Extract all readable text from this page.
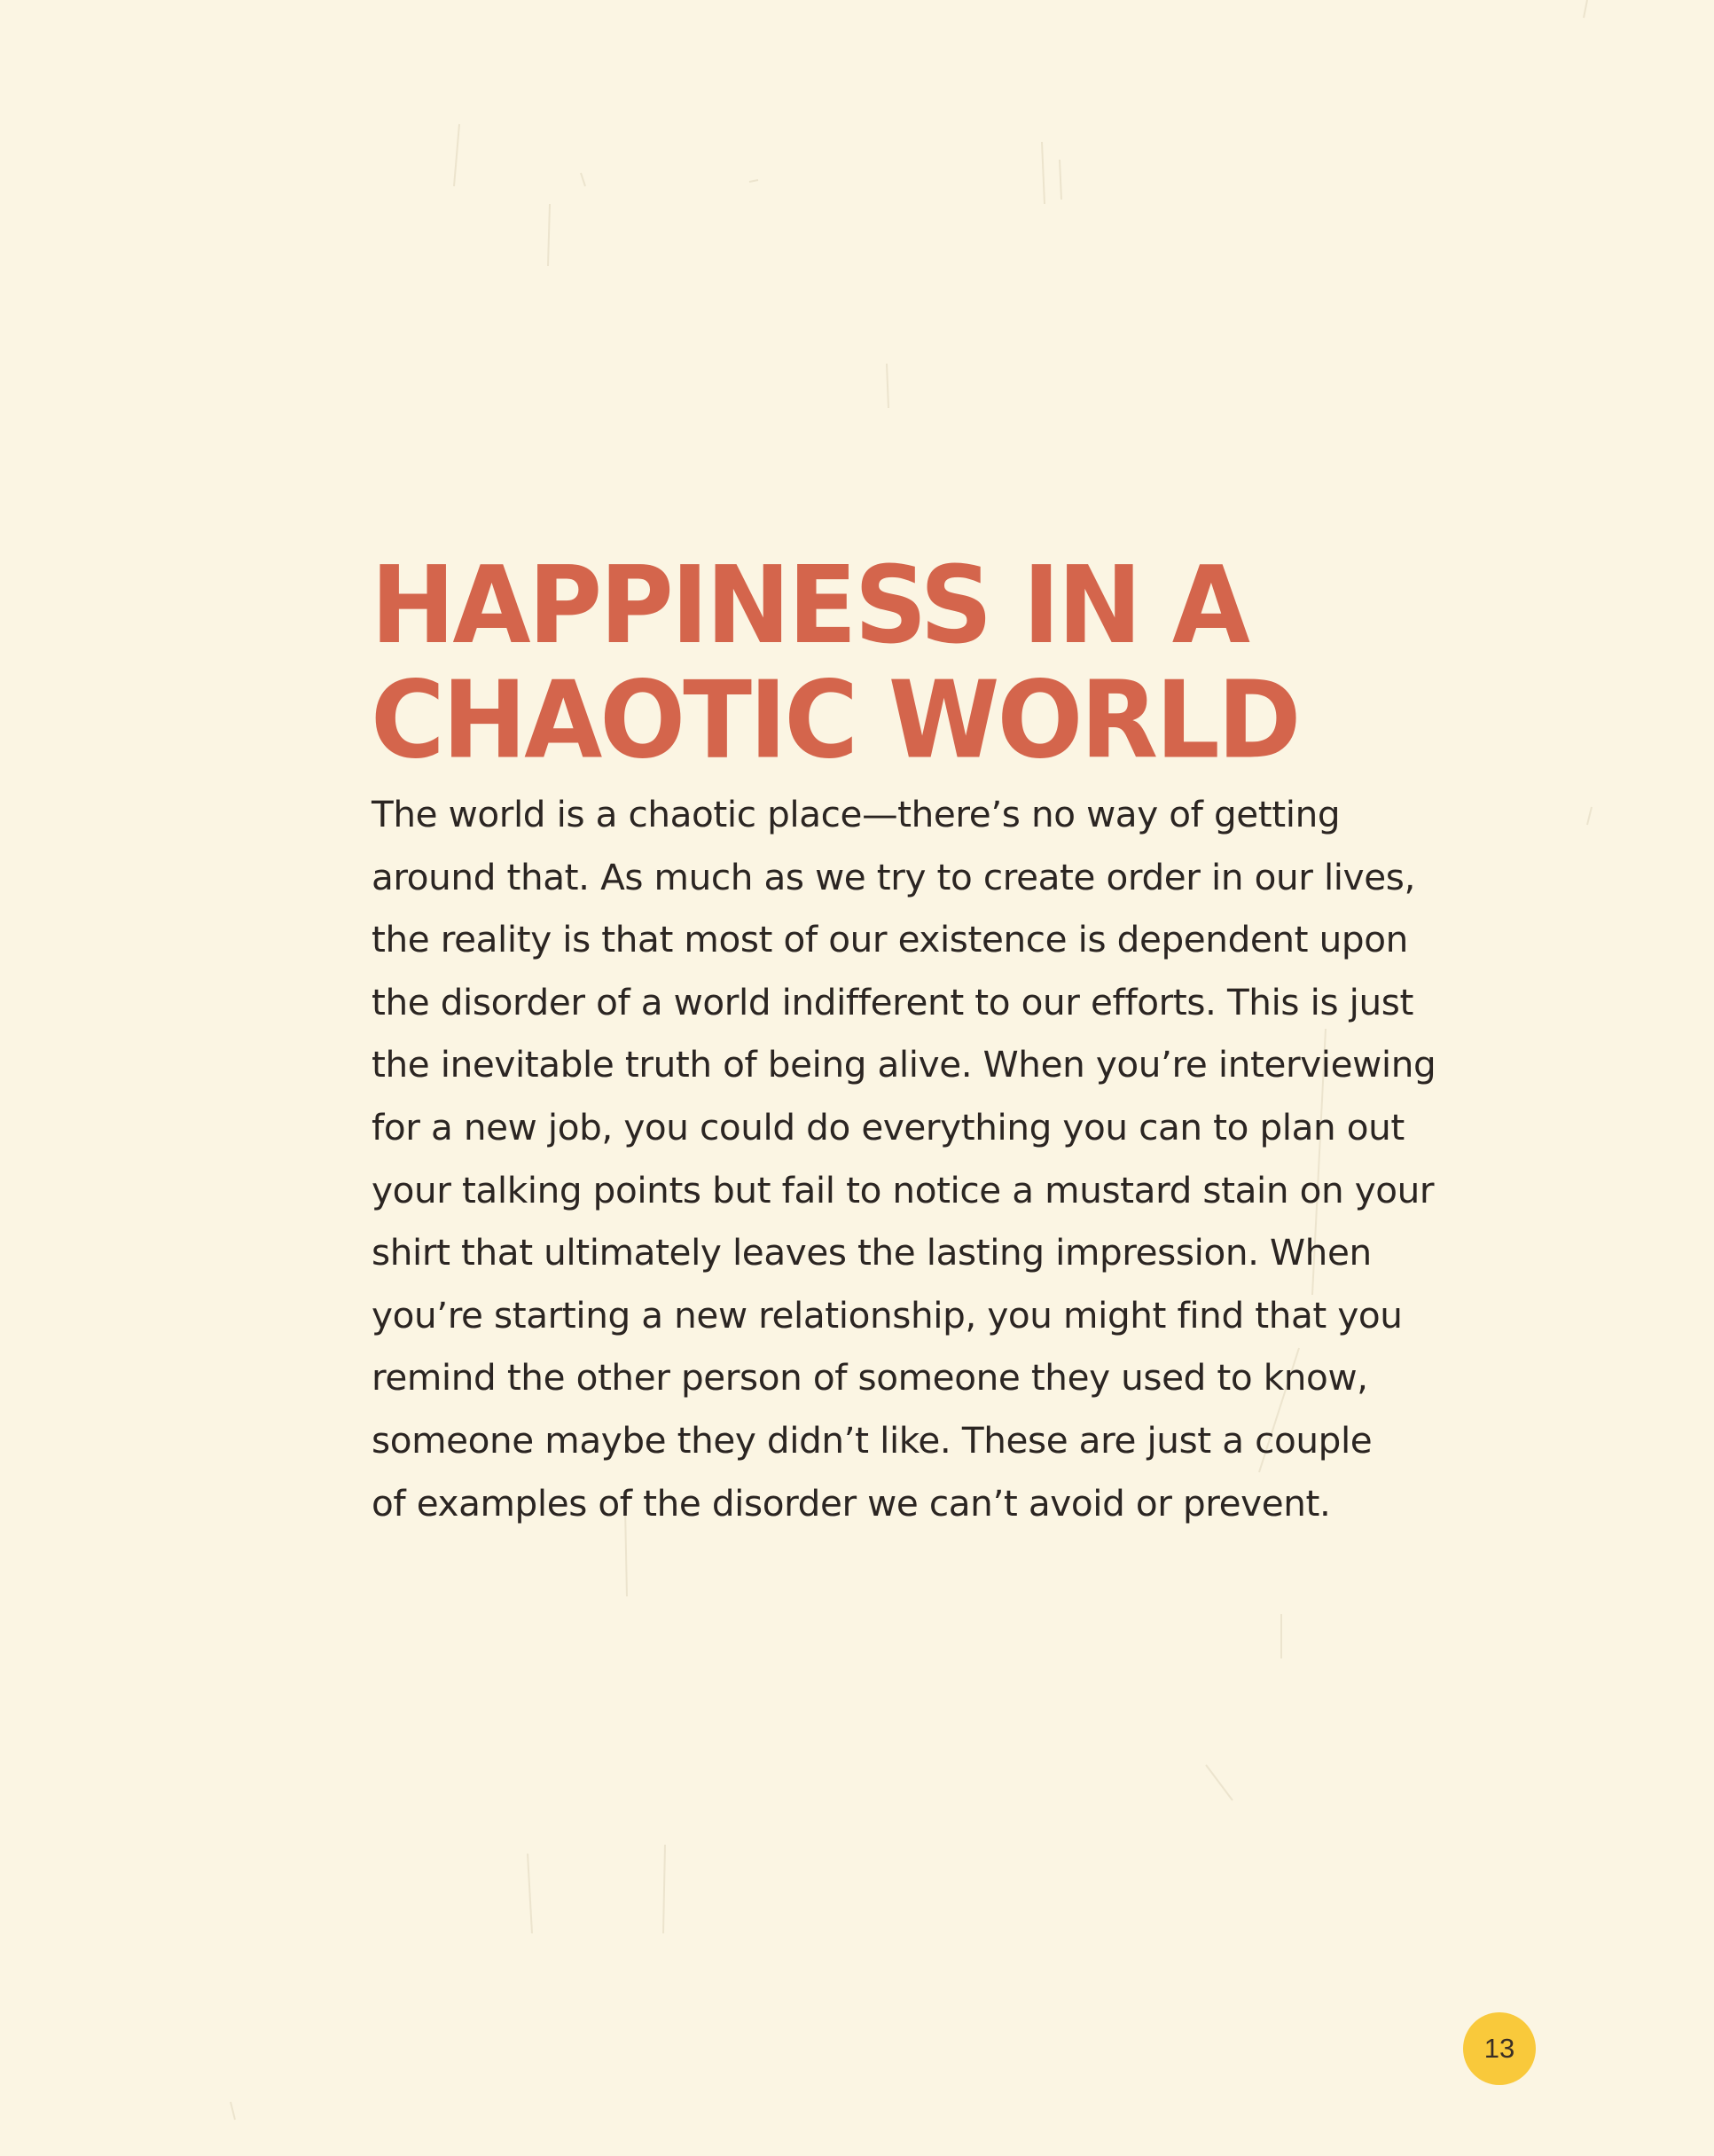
HAPPINESS IN A
CHAOTIC WORLD
The world is a chaotic place—there’s no way of getting
around that. As much as we try to create order in our lives,
the reality is that most of our existence is dependent upon
the disorder of a world indifferent to our efforts. This is just
the inevitable truth of being alive. When you’re interviewing
for a new job, you could do everything you can to plan out
your talking points but fail to notice a mustard stain on your
shirt that ultimately leaves the lasting impression. When
you’re starting a new relationship, you might find that you
remind the other person of someone they used to know,
someone maybe they didn’t like. These are just a couple
of examples of the disorder we can’t avoid or prevent.
13
